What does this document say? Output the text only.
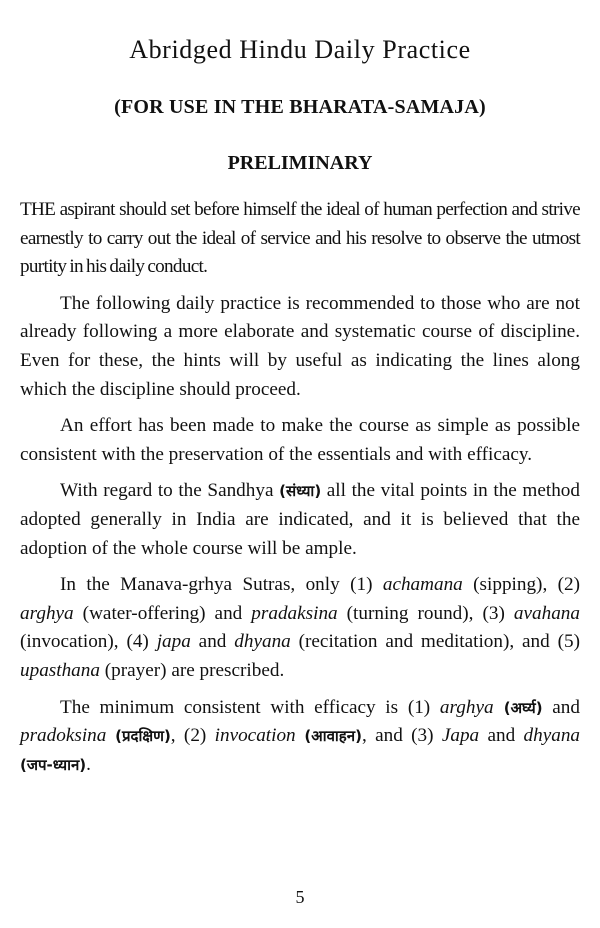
Abridged Hindu Daily Practice
(FOR USE IN THE BHARATA-SAMAJA)
PRELIMINARY

THE aspirant should set before himself the ideal of human perfection and strive earnestly to carry out the ideal of service and his resolve to observe the utmost purtity in his daily conduct.

The following daily practice is recommended to those who are not already following a more elaborate and systematic course of discipline. Even for these, the hints will by useful as indicating the lines along which the discipline should proceed.

An effort has been made to make the course as simple as possible consistent with the preservation of the essentials and with efficacy.

With regard to the Sandhya (संध्या) all the vital points in the method adopted generally in India are indicated, and it is believed that the adoption of the whole course will be ample.

In the Manava-grhya Sutras, only (1) achamana (sipping), (2) arghya (water-offering) and pradaksina (turning round), (3) avahana (invocation), (4) japa and dhyana (recitation and meditation), and (5) upasthana (prayer) are prescribed.

The minimum consistent with efficacy is (1) arghya (अर्घ्य) and pradoksina (प्रदक्षिण), (2) invocation (आवाहन), and (3) Japa and dhyana (जप-ध्यान).

5
